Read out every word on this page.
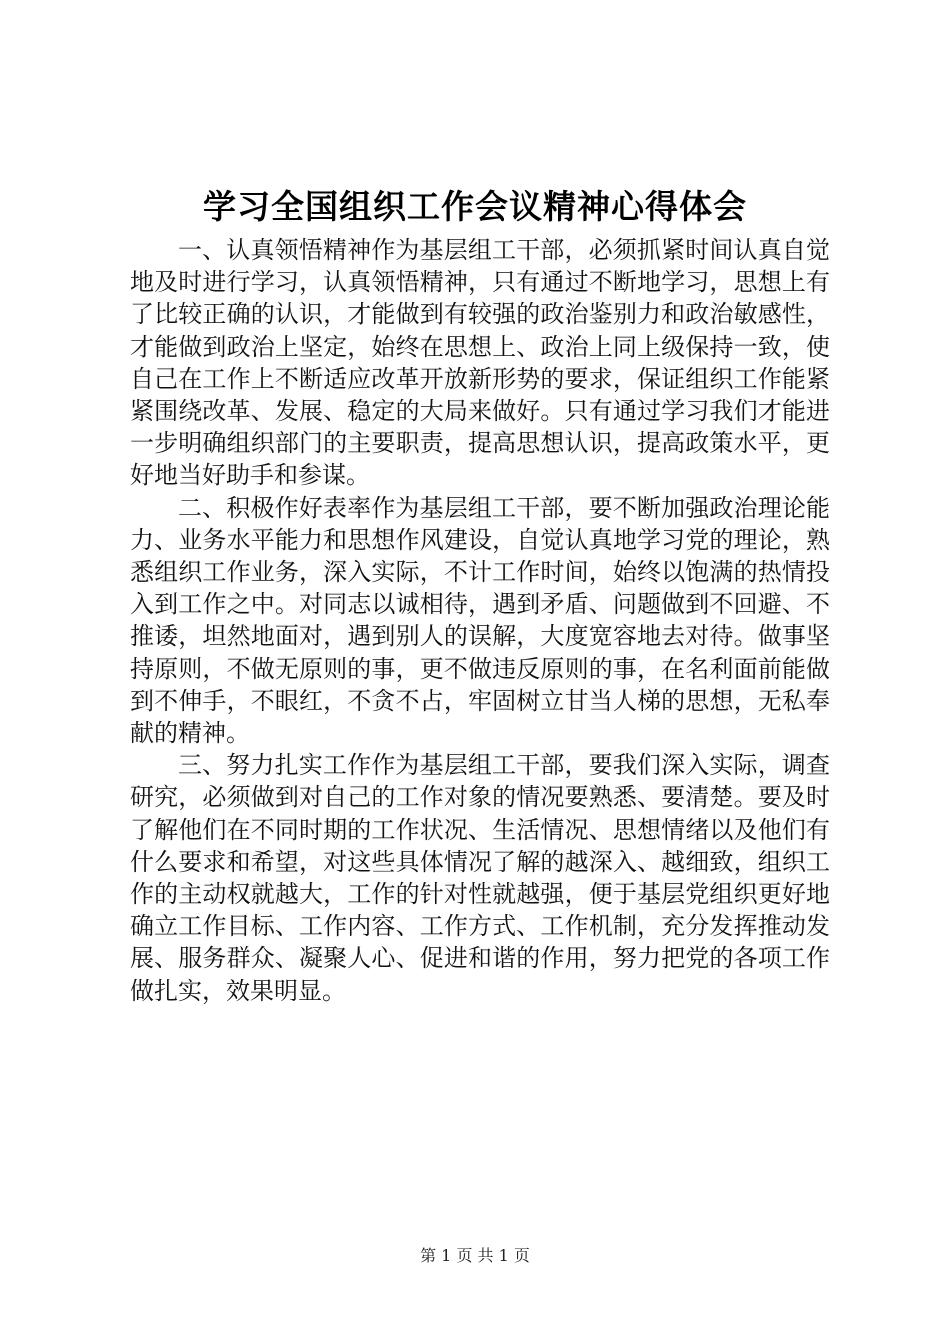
学习全国组织工作会议精神心得体会

一、认真领悟精神作为基层组工干部，必须抓紧时间认真自觉地及时进行学习，认真领悟精神，只有通过不断地学习，思想上有了比较正确的认识，才能做到有较强的政治鉴别力和政治敏感性，才能做到政治上坚定，始终在思想上、政治上同上级保持一致，使自己在工作上不断适应改革开放新形势的要求，保证组织工作能紧紧围绕改革、发展、稳定的大局来做好。只有通过学习我们才能进一步明确组织部门的主要职责，提高思想认识，提高政策水平，更好地当好助手和参谋。

二、积极作好表率作为基层组工干部，要不断加强政治理论能力、业务水平能力和思想作风建设，自觉认真地学习党的理论，熟悉组织工作业务，深入实际，不计工作时间，始终以饱满的热情投入到工作之中。对同志以诚相待，遇到矛盾、问题做到不回避、不推诿，坦然地面对，遇到别人的误解，大度宽容地去对待。做事坚持原则，不做无原则的事，更不做违反原则的事，在名利面前能做到不伸手，不眼红，不贪不占，牢固树立甘当人梯的思想，无私奉献的精神。

三、努力扎实工作作为基层组工干部，要我们深入实际，调查研究，必须做到对自己的工作对象的情况要熟悉、要清楚。要及时了解他们在不同时期的工作状况、生活情况、思想情绪以及他们有什么要求和希望，对这些具体情况了解的越深入、越细致，组织工作的主动权就越大，工作的针对性就越强，便于基层党组织更好地确立工作目标、工作内容、工作方式、工作机制，充分发挥推动发展、服务群众、凝聚人心、促进和谐的作用，努力把党的各项工作做扎实，效果明显。

第 1 页 共 1 页
